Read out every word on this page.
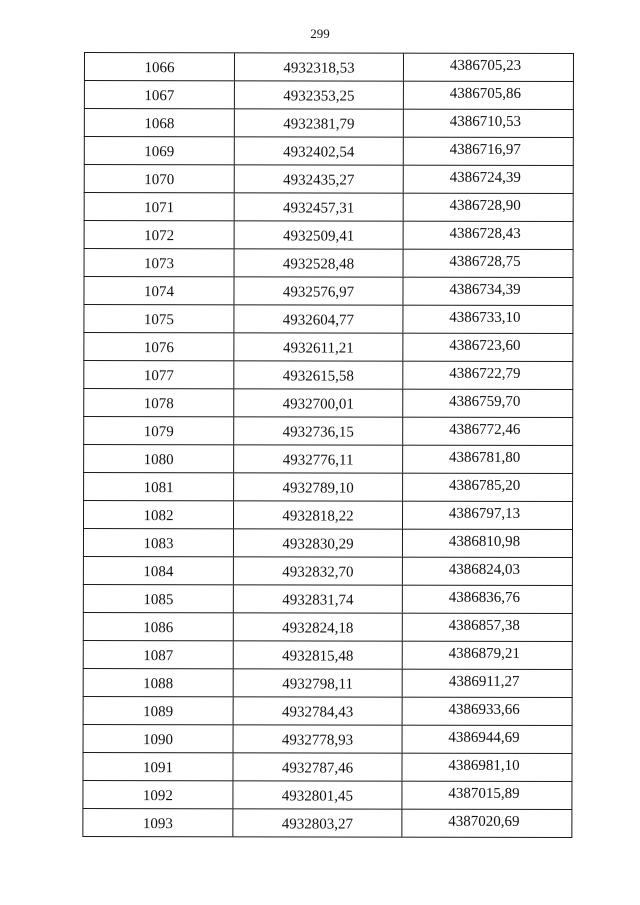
299
1066	4932318,53	4386705,23
1067	4932353,25	4386705,86
1068	4932381,79	4386710,53
1069	4932402,54	4386716,97
1070	4932435,27	4386724,39
1071	4932457,31	4386728,90
1072	4932509,41	4386728,43
1073	4932528,48	4386728,75
1074	4932576,97	4386734,39
1075	4932604,77	4386733,10
1076	4932611,21	4386723,60
1077	4932615,58	4386722,79
1078	4932700,01	4386759,70
1079	4932736,15	4386772,46
1080	4932776,11	4386781,80
1081	4932789,10	4386785,20
1082	4932818,22	4386797,13
1083	4932830,29	4386810,98
1084	4932832,70	4386824,03
1085	4932831,74	4386836,76
1086	4932824,18	4386857,38
1087	4932815,48	4386879,21
1088	4932798,11	4386911,27
1089	4932784,43	4386933,66
1090	4932778,93	4386944,69
1091	4932787,46	4386981,10
1092	4932801,45	4387015,89
1093	4932803,27	4387020,69
